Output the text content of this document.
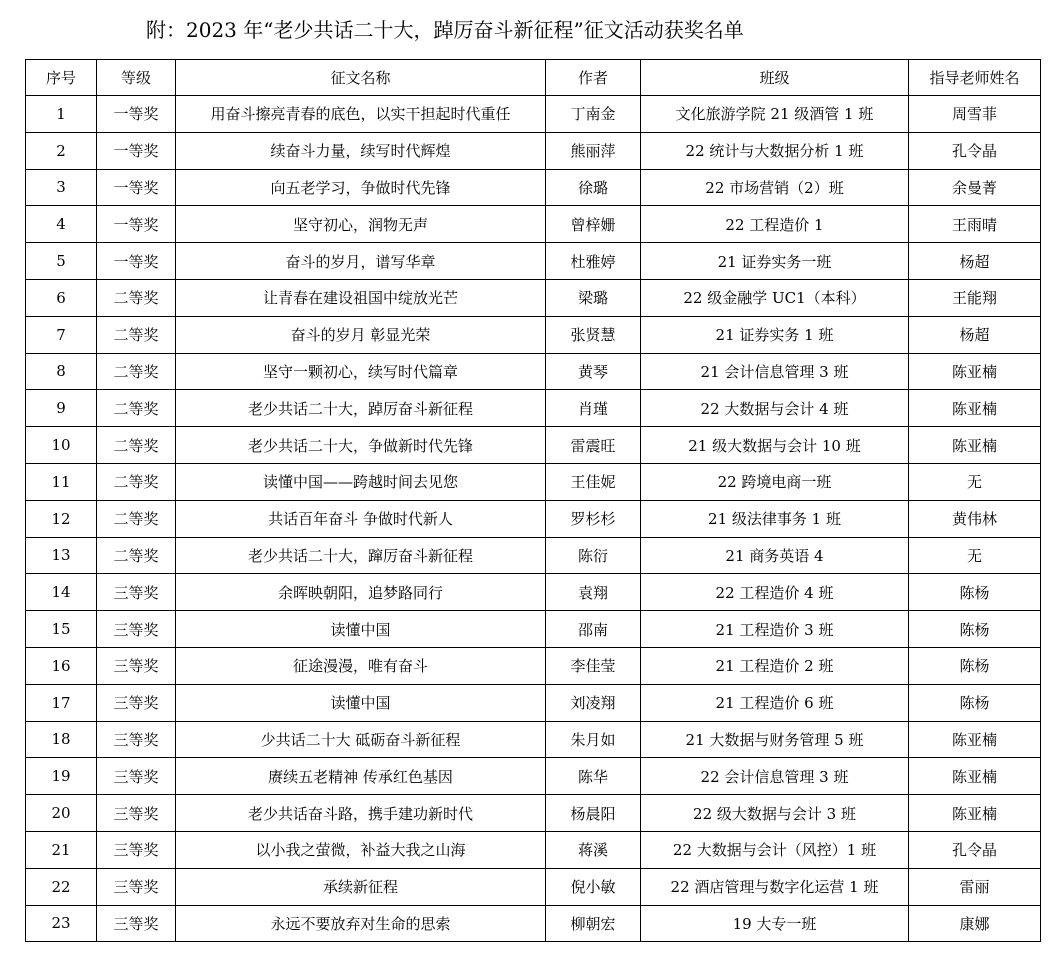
附：2023 年“老少共话二十大，踔厉奋斗新征程”征文活动获奖名单
序号	等级	征文名称	作者	班级	指导老师姓名
1	一等奖	用奋斗擦亮青春的底色，以实干担起时代重任	丁南金	文化旅游学院 21 级酒管 1 班	周雪菲
2	一等奖	续奋斗力量，续写时代辉煌	熊丽萍	22 统计与大数据分析 1 班	孔令晶
3	一等奖	向五老学习，争做时代先锋	徐璐	22 市场营销（2）班	余曼菁
4	一等奖	坚守初心，润物无声	曾梓姗	22 工程造价 1	王雨晴
5	一等奖	奋斗的岁月，谱写华章	杜雅婷	21 证券实务一班	杨超
6	二等奖	让青春在建设祖国中绽放光芒	梁璐	22 级金融学 UC1（本科）	王能翔
7	二等奖	奋斗的岁月 彰显光荣	张贤慧	21 证券实务 1 班	杨超
8	二等奖	坚守一颗初心，续写时代篇章	黄琴	21 会计信息管理 3 班	陈亚楠
9	二等奖	老少共话二十大，踔厉奋斗新征程	肖瑾	22 大数据与会计 4 班	陈亚楠
10	二等奖	老少共话二十大，争做新时代先锋	雷震旺	21 级大数据与会计 10 班	陈亚楠
11	二等奖	读懂中国——跨越时间去见您	王佳妮	22 跨境电商一班	无
12	二等奖	共话百年奋斗 争做时代新人	罗杉杉	21 级法律事务 1 班	黄伟林
13	二等奖	老少共话二十大，蹿厉奋斗新征程	陈衍	21 商务英语 4	无
14	三等奖	余晖映朝阳，追梦路同行	袁翔	22 工程造价 4 班	陈杨
15	三等奖	读懂中国	邵南	21 工程造价 3 班	陈杨
16	三等奖	征途漫漫，唯有奋斗	李佳莹	21 工程造价 2 班	陈杨
17	三等奖	读懂中国	刘凌翔	21 工程造价 6 班	陈杨
18	三等奖	少共话二十大 砥砺奋斗新征程	朱月如	21 大数据与财务管理 5 班	陈亚楠
19	三等奖	赓续五老精神 传承红色基因	陈华	22 会计信息管理 3 班	陈亚楠
20	三等奖	老少共话奋斗路，携手建功新时代	杨晨阳	22 级大数据与会计 3 班	陈亚楠
21	三等奖	以小我之萤微，补益大我之山海	蒋溪	22 大数据与会计（风控）1 班	孔令晶
22	三等奖	承续新征程	倪小敏	22 酒店管理与数字化运营 1 班	雷丽
23	三等奖	永远不要放弃对生命的思索	柳朝宏	19 大专一班	康娜
